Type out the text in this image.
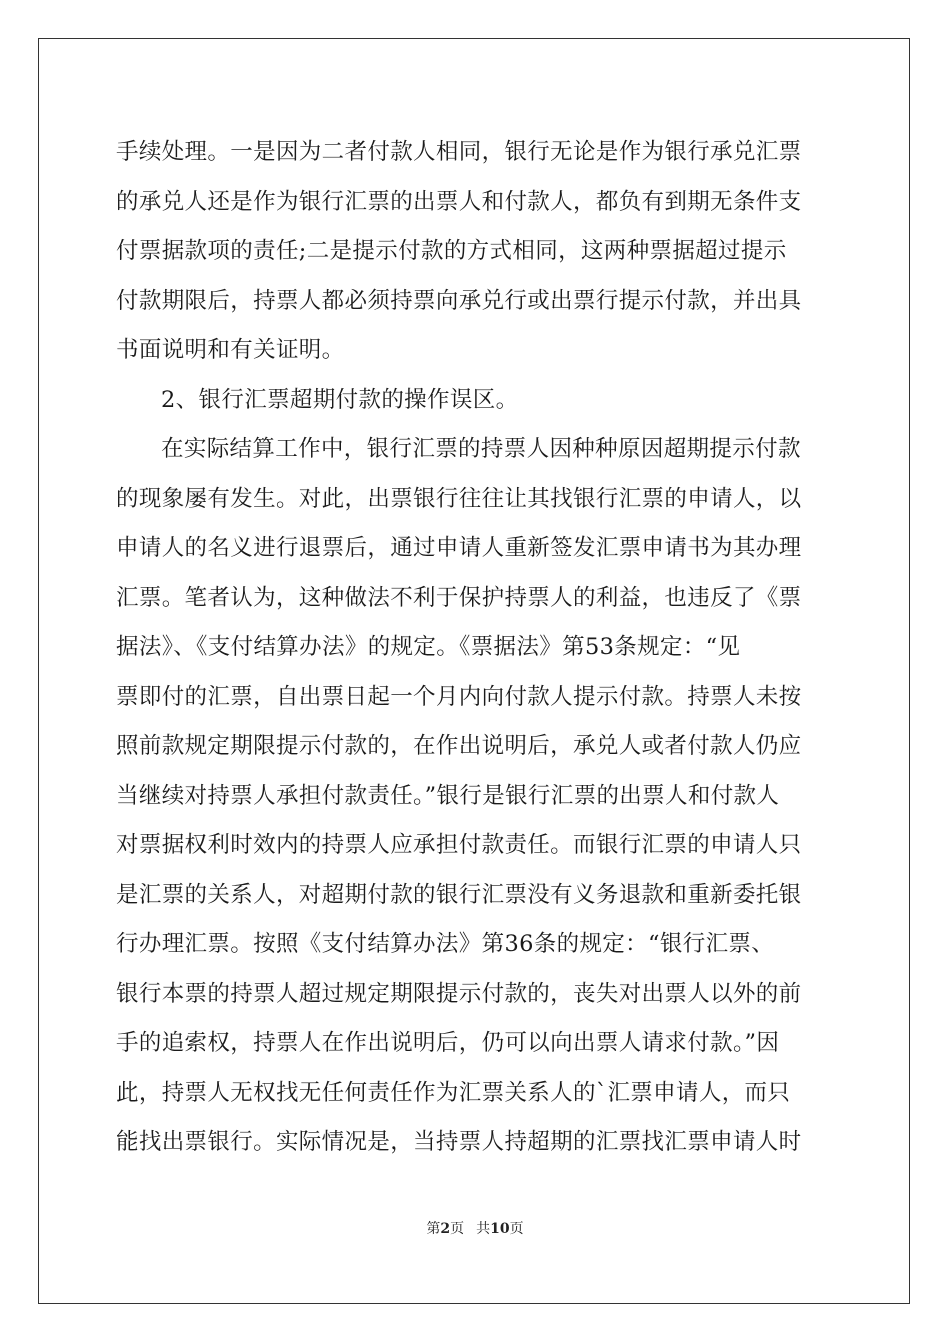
手续处理。一是因为二者付款人相同，银行无论是作为银行承兑汇票
的承兑人还是作为银行汇票的出票人和付款人，都负有到期无条件支
付票据款项的责任;二是提示付款的方式相同，这两种票据超过提示
付款期限后，持票人都必须持票向承兑行或出票行提示付款，并出具
书面说明和有关证明。
2、银行汇票超期付款的操作误区。
在实际结算工作中，银行汇票的持票人因种种原因超期提示付款
的现象屡有发生。对此，出票银行往往让其找银行汇票的申请人，以
申请人的名义进行退票后，通过申请人重新签发汇票申请书为其办理
汇票。笔者认为，这种做法不利于保护持票人的利益，也违反了《票
据法》、《支付结算办法》的规定。《票据法》第53条规定：“见
票即付的汇票，自出票日起一个月内向付款人提示付款。持票人未按
照前款规定期限提示付款的，在作出说明后，承兑人或者付款人仍应
当继续对持票人承担付款责任。”银行是银行汇票的出票人和付款人
对票据权利时效内的持票人应承担付款责任。而银行汇票的申请人只
是汇票的关系人，对超期付款的银行汇票没有义务退款和重新委托银
行办理汇票。按照《支付结算办法》第36条的规定：“银行汇票、
银行本票的持票人超过规定期限提示付款的，丧失对出票人以外的前
手的追索权，持票人在作出说明后，仍可以向出票人请求付款。”因
此，持票人无权找无任何责任作为汇票关系人的`汇票申请人，而只
能找出票银行。实际情况是，当持票人持超期的汇票找汇票申请人时
第2页 共10页
